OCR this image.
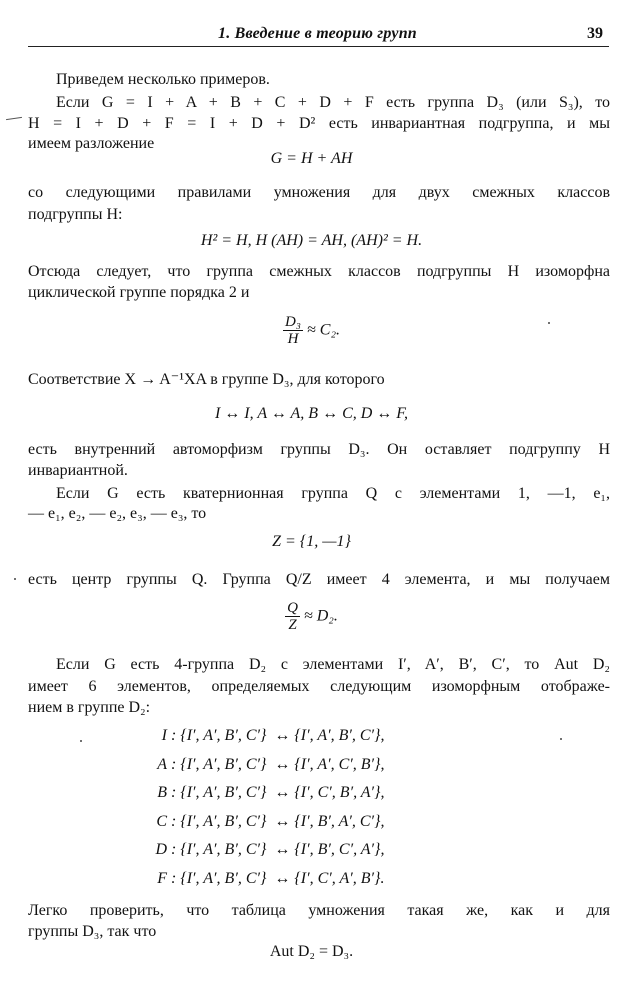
1. Введение в теорию групп	39
Приведем несколько примеров.
Если G = I + A + B + C + D + F есть группа D₃ (или S₃), то
H = I + D + F = I + D + D² есть инвариантная подгруппа, и мы
имеем разложение
G = H + AH
со следующими правилами умножения для двух смежных классов
подгруппы H:
H² = H, H (AH) = AH, (AH)² = H.
Отсюда следует, что группа смежных классов подгруппы H изоморфна
циклической группе порядка 2 и
$\frac{\text{D₃}}{H} \approx C_2$.
Соответствие X → A⁻¹XA в группе D₃, для которого
I ↔ I, A ↔ A, B ↔ C, D ↔ F,
есть внутренний автоморфизм группы D₃. Он оставляет подгруппу H
инвариантной.
Если G есть кватернионная группа Q с элементами 1, —1, e₁,
— e₁, e₂, — e₂, e₃, — e₃, то
Z = {1, —1}
есть центр группы Q. Группа Q/Z имеет 4 элемента, и мы получаем
$\frac{Q}{Z} \approx D_2$.
Если G есть 4-группа D₂ с элементами I′, A′, B′, C′, то Aut D₂
имеет 6 элементов, определяемых следующим изоморфным отображе-
нием в группе D₂:
I	: {I′, A′, B′, C′}	↔	{I′, A′, B′, C′},
A	: {I′, A′, B′, C′}	↔	{I′, A′, C′, B′},
B	: {I′, A′, B′, C′}	↔	{I′, C′, B′, A′},
C	: {I′, A′, B′, C′}	↔	{I′, B′, A′, C′},
D	: {I′, A′, B′, C′}	↔	{I′, B′, C′, A′},
F	: {I′, A′, B′, C′}	↔	{I′, C′, A′, B′}.
Легко проверить, что таблица умножения такая же, как и для
группы D₃, так что
Aut D₂ = D₃.
